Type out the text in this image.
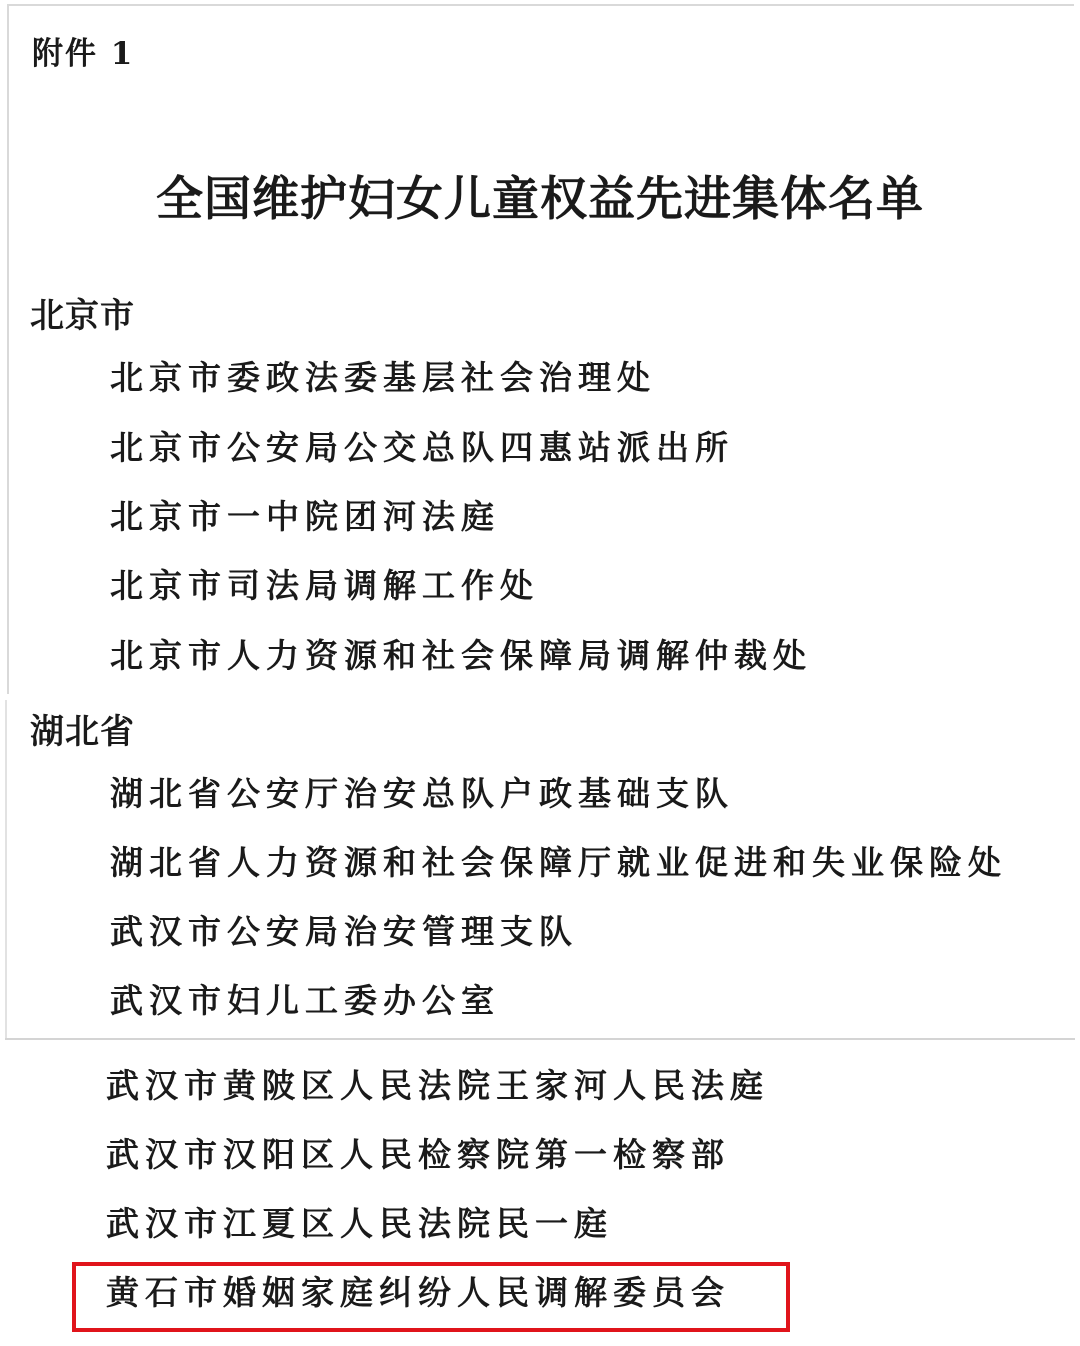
附件 1
全国维护妇女儿童权益先进集体名单
北京市
北京市委政法委基层社会治理处
北京市公安局公交总队四惠站派出所
北京市一中院团河法庭
北京市司法局调解工作处
北京市人力资源和社会保障局调解仲裁处
湖北省
湖北省公安厅治安总队户政基础支队
湖北省人力资源和社会保障厅就业促进和失业保险处
武汉市公安局治安管理支队
武汉市妇儿工委办公室
武汉市黄陂区人民法院王家河人民法庭
武汉市汉阳区人民检察院第一检察部
武汉市江夏区人民法院民一庭
黄石市婚姻家庭纠纷人民调解委员会
